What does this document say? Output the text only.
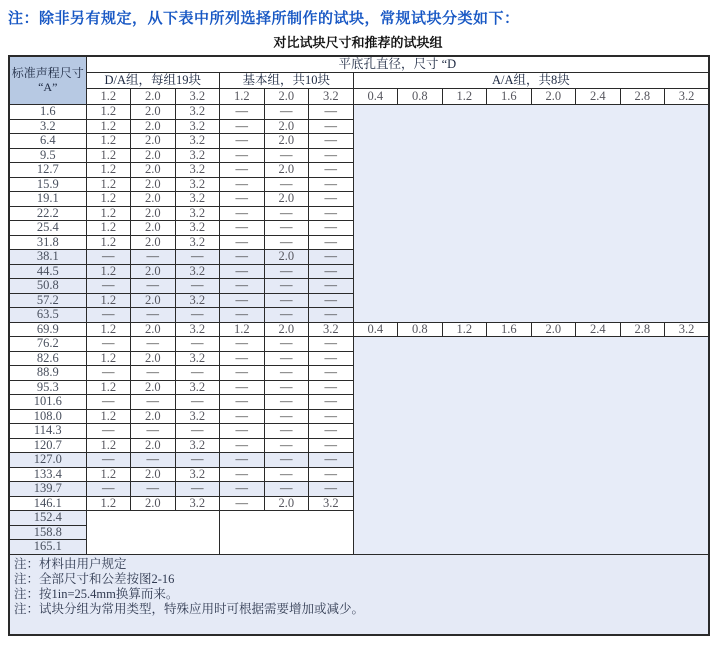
注：除非另有规定，从下表中所列选择所制作的试块，常规试块分类如下：
对比试块尺寸和推荐的试块组
标准声程尺寸
“A”	平底孔直径，尺寸 “D													
	D/A组，每组19块			基本组，共10块			A/A组，共8块							
	1.2	2.0	3.2	1.2	2.0	3.2	0.4	0.8	1.2	1.6	2.0	2.4	2.8	3.2
1.6	1.2	2.0	3.2	—	—	—								
3.2	1.2	2.0	3.2	—	2.0	—								
6.4	1.2	2.0	3.2	—	2.0	—								
9.5	1.2	2.0	3.2	—	—	—								
12.7	1.2	2.0	3.2	—	2.0	—								
15.9	1.2	2.0	3.2	—	—	—								
19.1	1.2	2.0	3.2	—	2.0	—								
22.2	1.2	2.0	3.2	—	—	—								
25.4	1.2	2.0	3.2	—	—	—								
31.8	1.2	2.0	3.2	—	—	—								
38.1	—	—	—	—	2.0	—								
44.5	1.2	2.0	3.2	—	—	—								
50.8	—	—	—	—	—	—								
57.2	1.2	2.0	3.2	—	—	—								
63.5	—	—	—	—	—	—								
69.9	1.2	2.0	3.2	1.2	2.0	3.2	0.4	0.8	1.2	1.6	2.0	2.4	2.8	3.2
76.2	—	—	—	—	—	—								
82.6	1.2	2.0	3.2	—	—	—								
88.9	—	—	—	—	—	—								
95.3	1.2	2.0	3.2	—	—	—								
101.6	—	—	—	—	—	—								
108.0	1.2	2.0	3.2	—	—	—								
114.3	—	—	—	—	—	—								
120.7	1.2	2.0	3.2	—	—	—								
127.0	—	—	—	—	—	—								
133.4	1.2	2.0	3.2	—	—	—								
139.7	—	—	—	—	—	—								
146.1	1.2	2.0	3.2	—	2.0	3.2								
152.4														
158.8														
165.1														

注：材料由用户规定
注：全部尺寸和公差按图2-16
注：按1in=25.4mm换算而来。
注：试块分组为常用类型，特殊应用时可根据需要增加或减少。														
